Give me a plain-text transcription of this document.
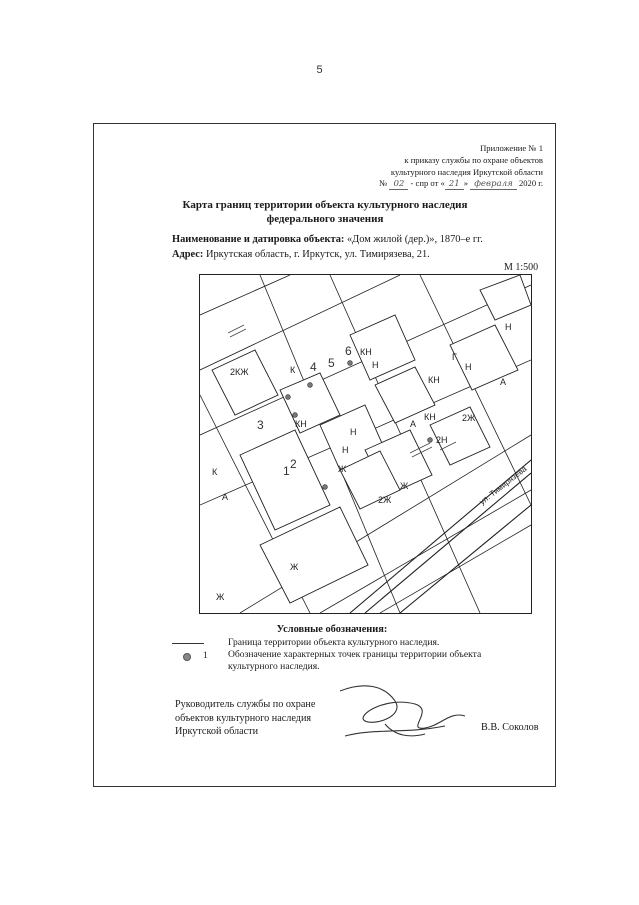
5
Приложение № 1
к приказу службы по охране объектов
культурного наследия Иркутской области
№ 02 - спр от « 21 » февраля 2020 г.
Карта границ территории объекта культурного наследия
федерального значения
Наименование и датировка объекта: «Дом жилой (дер.)», 1870–е гг.
Адрес: Иркутская область, г. Иркутск, ул. Тимирязева, 21.
М 1:500
КН
К
2КЖ
КН
Н
Н
Ж
Н
2Ж
КН
Ж
2Ж
КН
Н
Н
Ж
К
Ж
2Н
1 2
3
4 5
6	Г
А
А
А
ул. Тимирязева
Условные обозначения:
Граница территории объекта культурного наследия.
1 Обозначение характерных точек границы территории объекта культурного наследия.
Руководитель службы по охране
объектов культурного наследия
Иркутской области	В.В. Соколов
